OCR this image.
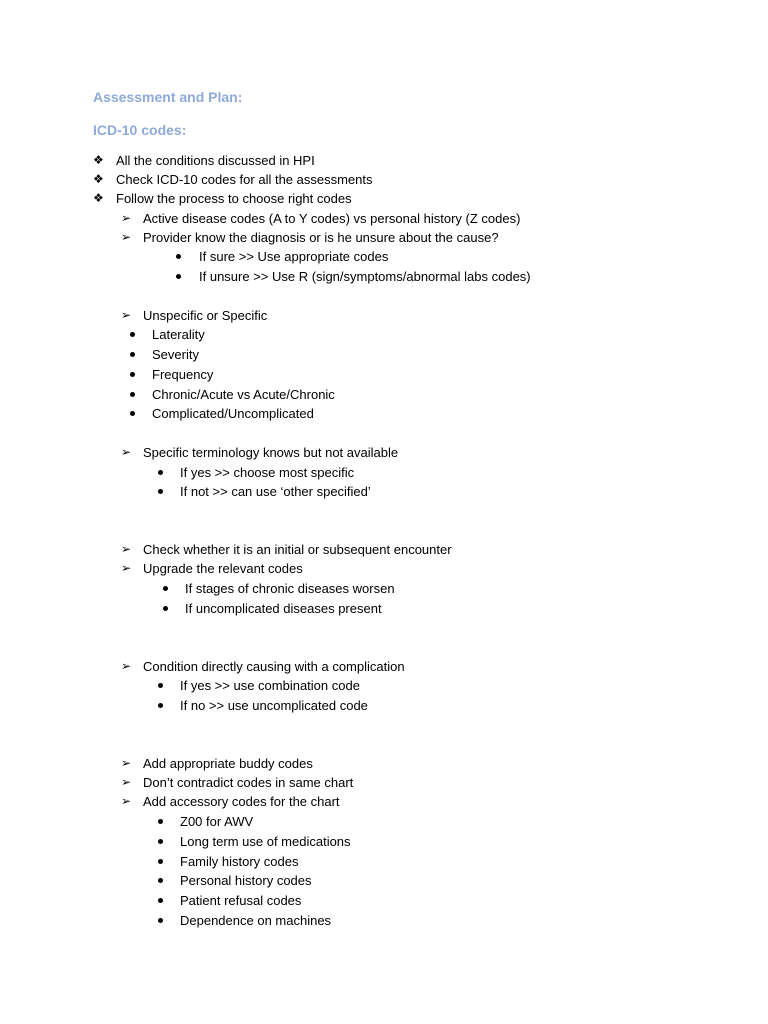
Assessment and Plan:
ICD-10 codes:
❖ All the conditions discussed in HPI
❖ Check ICD-10 codes for all the assessments
❖ Follow the process to choose right codes
➢ Active disease codes (A to Y codes) vs personal history (Z codes)
➢ Provider know the diagnosis or is he unsure about the cause?
If sure >> Use appropriate codes
If unsure >> Use R (sign/symptoms/abnormal labs codes)
➢ Unspecific or Specific
Laterality
Severity
Frequency
Chronic/Acute vs Acute/Chronic
Complicated/Uncomplicated
➢ Specific terminology knows but not available
If yes >> choose most specific
If not >> can use ‘other specified’
➢ Check whether it is an initial or subsequent encounter
➢ Upgrade the relevant codes
If stages of chronic diseases worsen
If uncomplicated diseases present
➢ Condition directly causing with a complication
If yes >> use combination code
If no >> use uncomplicated code
➢ Add appropriate buddy codes
➢ Don’t contradict codes in same chart
➢ Add accessory codes for the chart
Z00 for AWV
Long term use of medications
Family history codes
Personal history codes
Patient refusal codes
Dependence on machines
